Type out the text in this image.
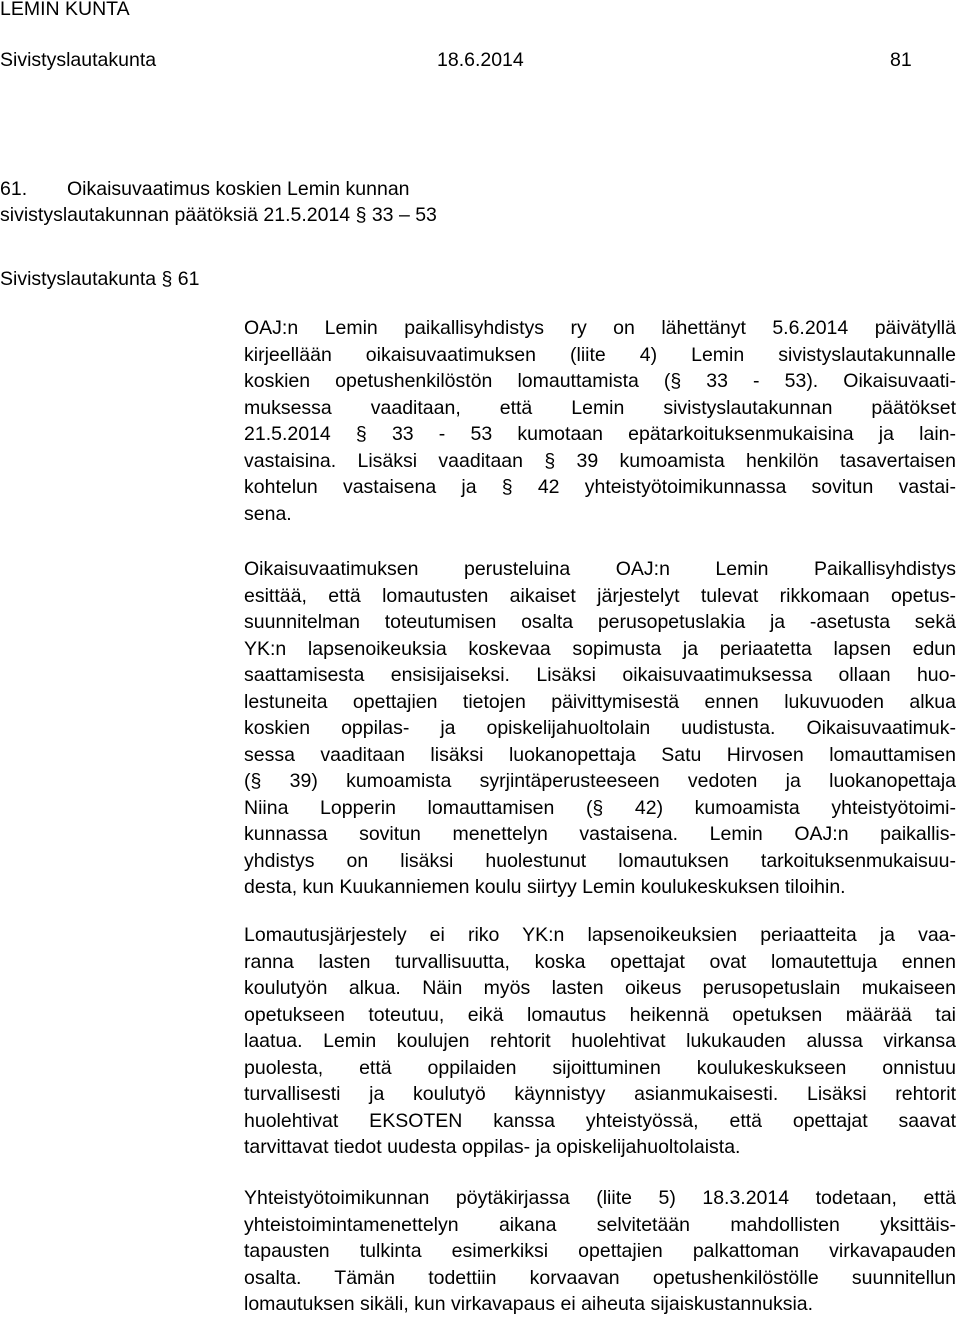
LEMIN KUNTA
Sivistyslautakunta	18.6.2014	81
61. Oikaisuvaatimus koskien Lemin kunnan
sivistyslautakunnan päätöksiä 21.5.2014 § 33 – 53
Sivistyslautakunta § 61
OAJ:n Lemin paikallisyhdistys ry on lähettänyt 5.6.2014 päivätyllä
kirjeellään oikaisuvaatimuksen (liite 4) Lemin sivistyslautakunnalle
koskien opetushenkilöstön lomauttamista (§ 33 - 53). Oikaisuvaati-
muksessa vaaditaan, että Lemin sivistyslautakunnan päätökset
21.5.2014 § 33 - 53 kumotaan epätarkoituksenmukaisina ja lain-
vastaisina. Lisäksi vaaditaan § 39 kumoamista henkilön tasavertaisen
kohtelun vastaisena ja § 42 yhteistyötoimikunnassa sovitun vastai-
sena.
Oikaisuvaatimuksen perusteluina OAJ:n Lemin Paikallisyhdistys
esittää, että lomautusten aikaiset järjestelyt tulevat rikkomaan opetus-
suunnitelman toteutumisen osalta perusopetuslakia ja -asetusta sekä
YK:n lapsenoikeuksia koskevaa sopimusta ja periaatetta lapsen edun
saattamisesta ensisijaiseksi. Lisäksi oikaisuvaatimuksessa ollaan huo-
lestuneita opettajien tietojen päivittymisestä ennen lukuvuoden alkua
koskien oppilas- ja opiskelijahuoltolain uudistusta. Oikaisuvaatimuk-
sessa vaaditaan lisäksi luokanopettaja Satu Hirvosen lomauttamisen
(§ 39) kumoamista syrjintäperusteeseen vedoten ja luokanopettaja
Niina Lopperin lomauttamisen (§ 42) kumoamista yhteistyötoimi-
kunnassa sovitun menettelyn vastaisena. Lemin OAJ:n paikallis-
yhdistys on lisäksi huolestunut lomautuksen tarkoituksenmukaisuu-
desta, kun Kuukanniemen koulu siirtyy Lemin koulukeskuksen tiloihin.
Lomautusjärjestely ei riko YK:n lapsenoikeuksien periaatteita ja vaa-
ranna lasten turvallisuutta, koska opettajat ovat lomautettuja ennen
koulutyön alkua. Näin myös lasten oikeus perusopetuslain mukaiseen
opetukseen toteutuu, eikä lomautus heikennä opetuksen määrää tai
laatua. Lemin koulujen rehtorit huolehtivat lukukauden alussa virkansa
puolesta, että oppilaiden sijoittuminen koulukeskukseen onnistuu
turvallisesti ja koulutyö käynnistyy asianmukaisesti. Lisäksi rehtorit
huolehtivat EKSOTEN kanssa yhteistyössä, että opettajat saavat
tarvittavat tiedot uudesta oppilas- ja opiskelijahuoltolaista.
Yhteistyötoimikunnan pöytäkirjassa (liite 5) 18.3.2014 todetaan, että
yhteistoimintamenettelyn aikana selvitetään mahdollisten yksittäis-
tapausten tulkinta esimerkiksi opettajien palkattoman virkavapauden
osalta. Tämän todettiin korvaavan opetushenkilöstölle suunnitellun
lomautuksen sikäli, kun virkavapaus ei aiheuta sijaiskustannuksia.
